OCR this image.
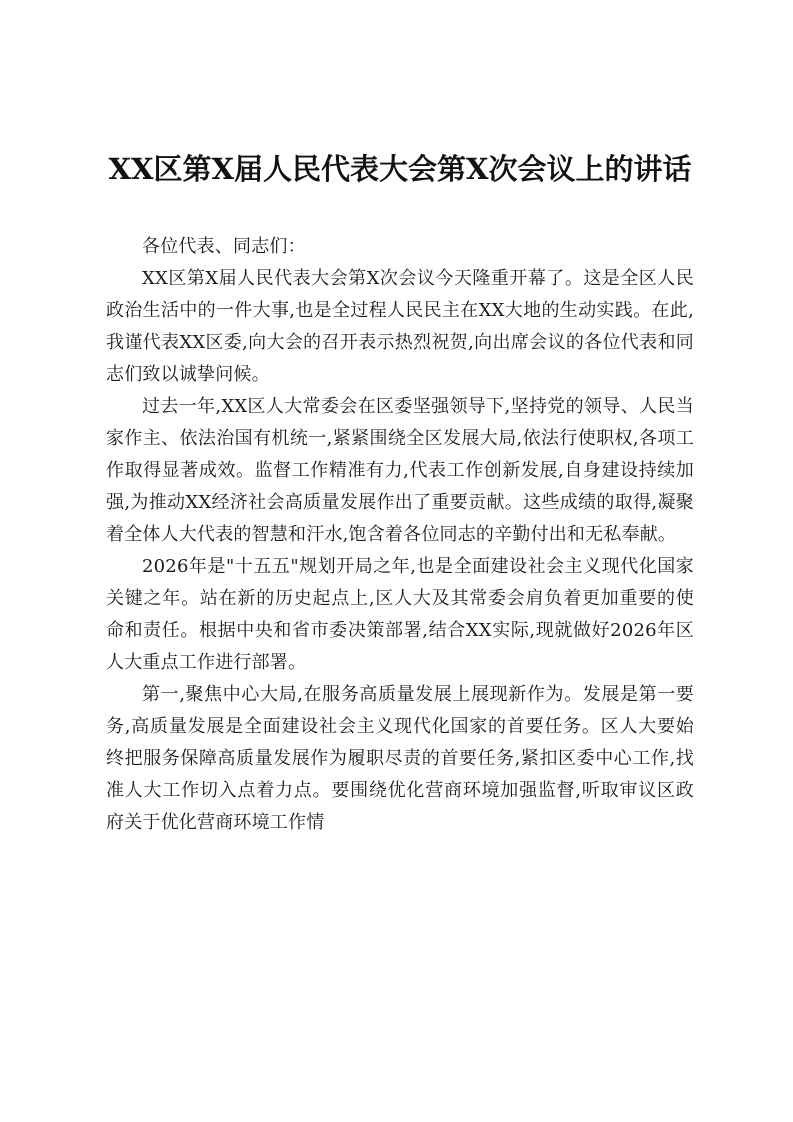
XX区第X届人民代表大会第X次会议上的讲话

各位代表、同志们：

XX区第X届人民代表大会第X次会议今天隆重开幕了。这是全区人民政治生活中的一件大事,也是全过程人民民主在XX大地的生动实践。在此,我谨代表XX区委,向大会的召开表示热烈祝贺,向出席会议的各位代表和同志们致以诚挚问候。

过去一年,XX区人大常委会在区委坚强领导下,坚持党的领导、人民当家作主、依法治国有机统一,紧紧围绕全区发展大局,依法行使职权,各项工作取得显著成效。监督工作精准有力,代表工作创新发展,自身建设持续加强,为推动XX经济社会高质量发展作出了重要贡献。这些成绩的取得,凝聚着全体人大代表的智慧和汗水,饱含着各位同志的辛勤付出和无私奉献。

2026年是"十五五"规划开局之年,也是全面建设社会主义现代化国家关键之年。站在新的历史起点上,区人大及其常委会肩负着更加重要的使命和责任。根据中央和省市委决策部署,结合XX实际,现就做好2026年区人大重点工作进行部署。

第一,聚焦中心大局,在服务高质量发展上展现新作为。发展是第一要务,高质量发展是全面建设社会主义现代化国家的首要任务。区人大要始终把服务保障高质量发展作为履职尽责的首要任务,紧扣区委中心工作,找准人大工作切入点着力点。要围绕优化营商环境加强监督,听取审议区政府关于优化营商环境工作情
